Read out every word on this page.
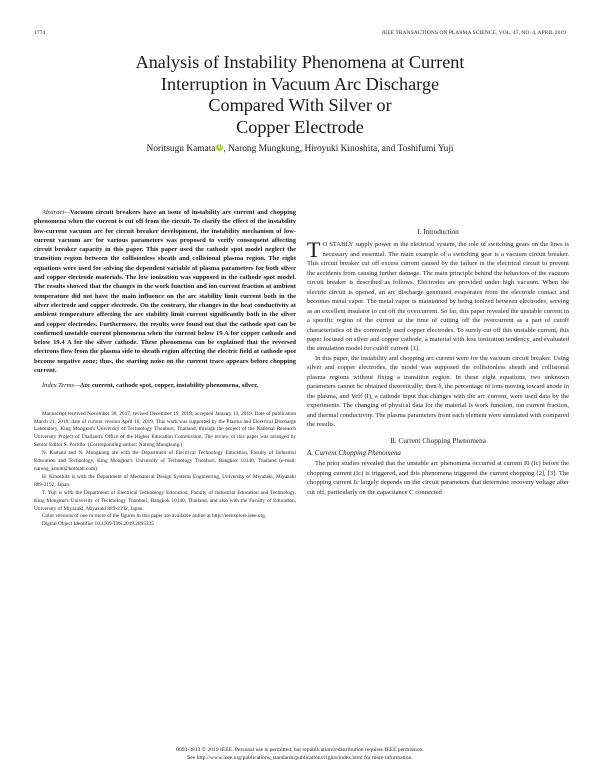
1774	IEEE TRANSACTIONS ON PLASMA SCIENCE, VOL. 47, NO. 4, APRIL 2019
Analysis of Instability Phenomena at Current
Interruption in Vacuum Arc Discharge
Compared With Silver or
Copper Electrode
Noritsugu Kamata iD, Narong Mungkung, Hiroyuki Kinoshita, and Toshifumi Yuji

Abstract—Vacuum circuit breakers have an issue of instability arc current and chopping phenomena when the current is cut off from the circuit. To clarify the effect of the instability low-current vacuum arc for circuit breaker development, the instability mechanism of low-current vacuum arc for various parameters was proposed to verify consequent affecting circuit breaker capacity in this paper. This paper used the cathode spot model neglect the transition region between the collisionless sheath and collisional plasma region. The eight equations were used for solving the dependent variable of plasma parameters for both silver and copper electrode materials. The low ionization was supposed in the cathode spot model. The results showed that the changes in the work function and ion current fraction at ambient temperature did not have the main influence on the arc stability limit current both in the silver electrode and copper electrode. On the contrary, the changes in the heat conductivity at ambient temperature affecting the arc stability limit current significantly both in the silver and copper electrodes. Furthermore, the results were found out that the cathode spot can be confirmed unstable current phenomena when the current below 19 A for copper cathode and below 19.4 A for the silver cathode. These phenomena can be explained that the reversed electrons flow from the plasma side to sheath region affecting the electric field at cathode spot become negative zone; thus, the starting noise on the current trace appears before chopping current.

Index Terms—Arc current, cathode spot, copper, instability phenomena, silver.

Manuscript received November 30, 2017; revised December 19, 2018; accepted January 13, 2019. Date of publication March 21, 2019; date of current version April 10, 2019. This work was supported by the Plasma and Electrical Discharge Laboratory, King Mongkut's University of Technology Thonburi, Thailand, through the project of the National Research University Project of Thailand's Office of the Higher Education Commission. The review of this paper was arranged by Senior Editor S. Portillo. (Corresponding author: Narong Mungkung.)

N. Kamata and N. Mungkung are with the Department of Electrical Technology Education, Faculty of Industrial Education and Technology, King Mongkut's University of Technology Thonburi, Bangkok 10140, Thailand (e-mail: narong_kmutt@hotmail.com).

H. Kinoshita is with the Department of Mechanical Design Systems Engineering, University of Miyazaki, Miyazaki 889-2192, Japan.

T. Yuji is with the Department of Electrical Technology Education, Faculty of Industrial Education and Technology, King Mongkut's University of Technology Thonburi, Bangkok 10140, Thailand, and also with the Faculty of Education, University of Miyazaki, Miyazaki 889-2192, Japan.

Color versions of one or more of the figures in this paper are available online at http://ieeexplore.ieee.org.

Digital Object Identifier 10.1109/TPS.2019.2895235

I. Introduction

T O STABLY supply power in the electrical system, the role of switching gears on the lines is necessary and essential. The main example of a switching gear is a vacuum circuit breaker. This circuit breaker cut off excess current caused by the failure in the electrical circuit to prevent the accidents from causing further damage. The main principle behind the behaviors of the vacuum circuit breaker is described as follows. Electrodes are provided under high vacuum. When the electric circuit is opened, an arc discharge generated evaporates from the electrode contact and becomes metal vapor. The metal vapor is maintained by being ionized between electrodes, serving as an excellent insulator to cut off the overcurrent. So far, this paper revealed the unstable current in a specific region of the current at the time of cutting off the overcurrent as a part of cutoff characteristics of the commonly used copper electrodes. To surely cut off this unstable current, this paper focused on silver and copper cathode, a material with less ionization tendency, and evaluated the simulation model for cutoff current [1].

In this paper, the instability and chopping arc current were for the vacuum circuit breaker. Using silver and copper electrodes, the model was supposed the collisionless sheath and collisional plasma regions without fixing a transition region. In these eight equations, two unknown parameters cannot be obtained theoretically; then δ, the percentage of ions moving toward anode in the plasma, and Veff (I), a cathode input that changes with the arc current, were used data by the experiments. The changing of physical data for the material is work function, ion current fraction, and thermal conductivity. The plasma parameters from each element were simulated with compared the results.

II. Current Chopping Phenomena
A. Current Chopping Phenomena

The prior studies revealed that the unstable arc phenomena occurred at current I0 (Ic) before the chopping current (Ic) is triggered, and this phenomena triggered the current chopping [2], [3]. The chopping current Ic largely depends on the circuit parameters that determine recovery voltage after cut off, particularly on the capacitance C connected

0093-3813 © 2019 IEEE. Personal use is permitted, but republication/redistribution requires IEEE permission.
See http://www.ieee.org/publications_standards/publications/rights/index.html for more information.
